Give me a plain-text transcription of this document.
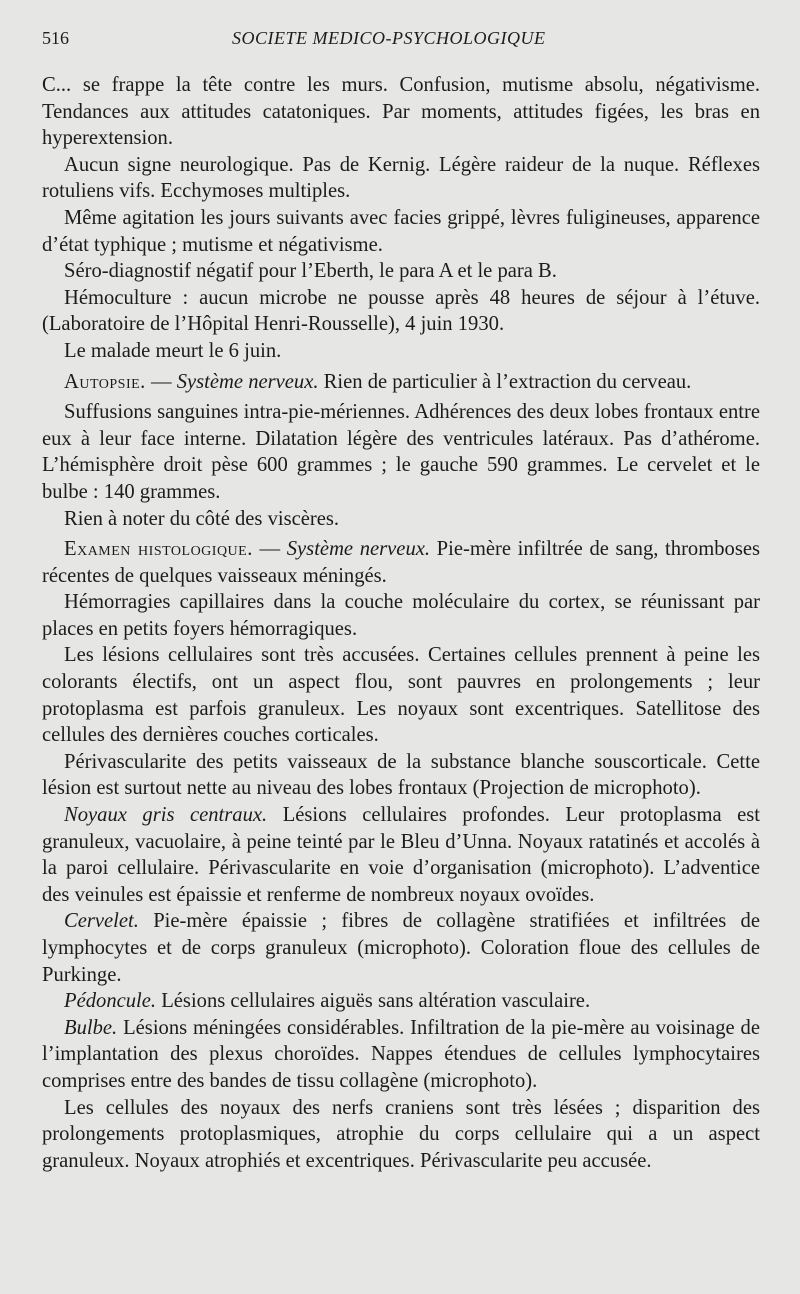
516	SOCIETE MEDICO-PSYCHOLOGIQUE

C... se frappe la tête contre les murs. Confusion, mutisme absolu, négativisme. Tendances aux attitudes catatoniques. Par moments, attitudes figées, les bras en hyperextension.

Aucun signe neurologique. Pas de Kernig. Légère raideur de la nuque. Réflexes rotuliens vifs. Ecchymoses multiples.

Même agitation les jours suivants avec facies grippé, lèvres fuligineuses, apparence d’état typhique ; mutisme et négativisme.

Séro-diagnostif négatif pour l’Eberth, le para A et le para B.

Hémoculture : aucun microbe ne pousse après 48 heures de séjour à l’étuve. (Laboratoire de l’Hôpital Henri-Rousselle), 4 juin 1930.

Le malade meurt le 6 juin.

Autopsie. — Système nerveux. Rien de particulier à l’extraction du cerveau.

Suffusions sanguines intra-pie-mériennes. Adhérences des deux lobes frontaux entre eux à leur face interne. Dilatation légère des ventricules latéraux. Pas d’athérome. L’hémisphère droit pèse 600 grammes ; le gauche 590 grammes. Le cervelet et le bulbe : 140 grammes.

Rien à noter du côté des viscères.

Examen histologique. — Système nerveux. Pie-mère infiltrée de sang, thromboses récentes de quelques vaisseaux méningés.

Hémorragies capillaires dans la couche moléculaire du cortex, se réunissant par places en petits foyers hémorragiques.

Les lésions cellulaires sont très accusées. Certaines cellules prennent à peine les colorants électifs, ont un aspect flou, sont pauvres en prolongements ; leur protoplasma est parfois granuleux. Les noyaux sont excentriques. Satellitose des cellules des dernières couches corticales.

Périvascularite des petits vaisseaux de la substance blanche souscorticale. Cette lésion est surtout nette au niveau des lobes frontaux (Projection de microphoto).

Noyaux gris centraux. Lésions cellulaires profondes. Leur protoplasma est granuleux, vacuolaire, à peine teinté par le Bleu d’Unna. Noyaux ratatinés et accolés à la paroi cellulaire. Périvascularite en voie d’organisation (microphoto). L’adventice des veinules est épaissie et renferme de nombreux noyaux ovoïdes.

Cervelet. Pie-mère épaissie ; fibres de collagène stratifiées et infiltrées de lymphocytes et de corps granuleux (microphoto). Coloration floue des cellules de Purkinge.

Pédoncule. Lésions cellulaires aiguës sans altération vasculaire.

Bulbe. Lésions méningées considérables. Infiltration de la pie-mère au voisinage de l’implantation des plexus choroïdes. Nappes étendues de cellules lymphocytaires comprises entre des bandes de tissu collagène (microphoto).

Les cellules des noyaux des nerfs craniens sont très lésées ; disparition des prolongements protoplasmiques, atrophie du corps cellulaire qui a un aspect granuleux. Noyaux atrophiés et excentriques. Périvascularite peu accusée.
